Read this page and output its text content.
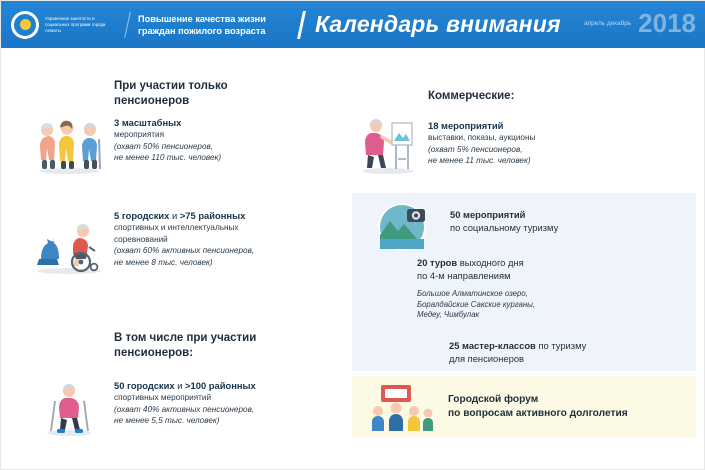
Управление занятости и социальных программ города Алматы
Повышение качества жизни граждан пожилого возраста	Календарь внимания	апрель декабрь 2018
При участии только пенсионеров
3 масштабных
мероприятия
(охват 50% пенсионеров,
не менее 110 тыс. человек)
5 городских и >75 районных
спортивных и интеллектуальных
соревнований
(охват 60% активных пенсионеров,
не менее 8 тыс. человек)
В том числе при участии пенсионеров:
50 городских и >100 районных
спортивных мероприятий
(охват 40% активных пенсионеров,
не менее 5,5 тыс. человек)
Коммерческие:
18 мероприятий
выставки, показы, аукционы
(охват 5% пенсионеров,
не менее 11 тыс. человек)
50 мероприятий
по социальному туризму
20 туров выходного дня
по 4-м направлениям
Большое Алматинское озеро,
Боралдайские Сакские курганы,
Медеу, Чимбулак
25 мастер-классов по туризму
для пенсионеров
Городской форум
по вопросам активного долголетия
